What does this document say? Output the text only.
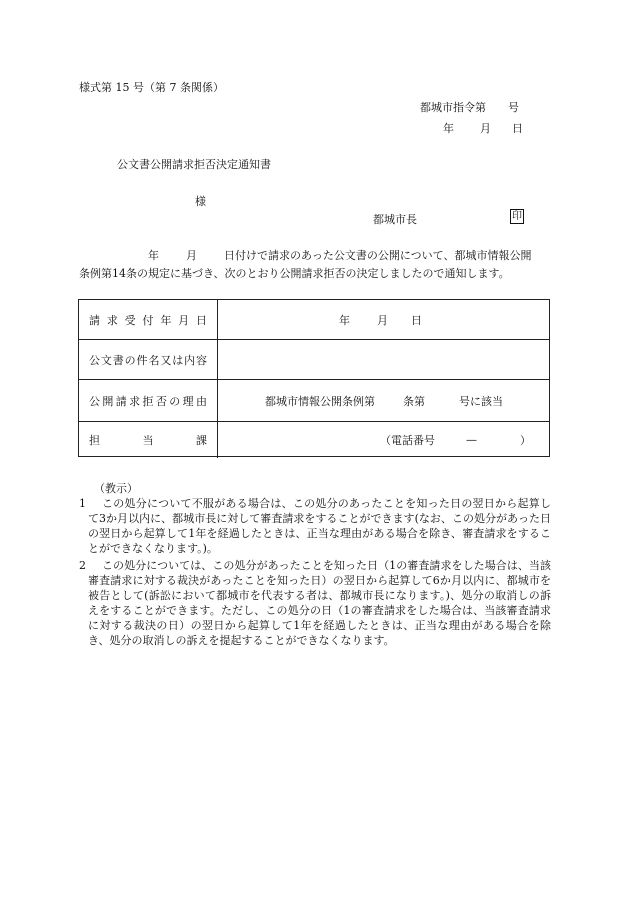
様式第 15 号（第 7 条関係）
都城市指令第 号
年 月 日
公文書公開請求拒否決定通知書
様
都城市長	印
年 月 日付けで請求のあった公文書の公開について、都城市情報公開
条例第14条の規定に基づき、次のとおり公開請求拒否の決定しましたので通知します。
請求受付年月日	年 月 日
公文書の件名又は内容
公開請求拒否の理由	都城市情報公開条例第	条第	号に該当
担当課	（電話番号	—	）
（教示）
1	この処分について不服がある場合は、この処分のあったことを知った日の翌日から起算して3か月以内に、都城市長に対して審査請求をすることができます(なお、この処分があった日の翌日から起算して1年を経過したときは、正当な理由がある場合を除き、審査請求をすることができなくなります。)。
2	この処分については、この処分があったことを知った日（1の審査請求をした場合は、当該審査請求に対する裁決があったことを知った日）の翌日から起算して6か月以内に、都城市を被告として(訴訟において都城市を代表する者は、都城市長になります。)、処分の取消しの訴えをすることができます。ただし、この処分の日（1の審査請求をした場合は、当該審査請求に対する裁決の日）の翌日から起算して1年を経過したときは、正当な理由がある場合を除き、処分の取消しの訴えを提起することができなくなります。
